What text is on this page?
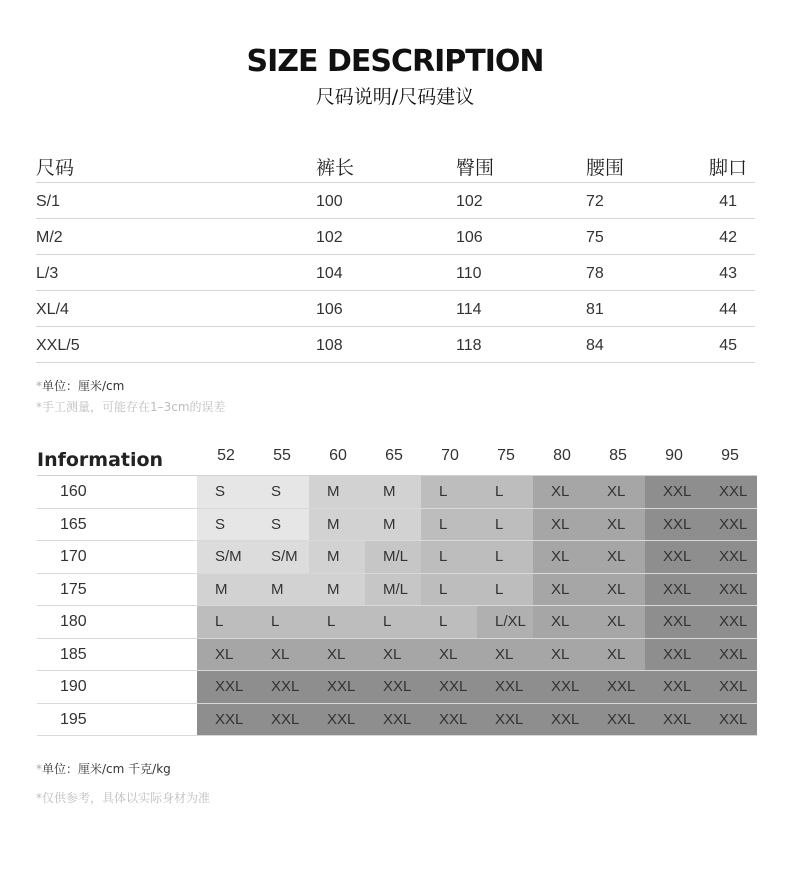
SIZE DESCRIPTION
尺码说明/尺码建议
尺码	裤长	臀围	腰围	脚口
S/1	100	102	72	41
M/2	102	106	75	42
L/3	104	110	78	43
XL/4	106	114	81	44
XXL/5	108	118	84	45
*单位：厘米/cm
*手工测量，可能存在1–3cm的误差
Information	52	55	60	65	70	75	80	85	90	95
160	S	S	M	M	L	L	XL	XL	XXL	XXL
165	S	S	M	M	L	L	XL	XL	XXL	XXL
170	S/M	S/M	M	M/L	L	L	XL	XL	XXL	XXL
175	M	M	M	M/L	L	L	XL	XL	XXL	XXL
180	L	L	L	L	L	L/XL	XL	XL	XXL	XXL
185	XL	XL	XL	XL	XL	XL	XL	XL	XXL	XXL
190	XXL	XXL	XXL	XXL	XXL	XXL	XXL	XXL	XXL	XXL
195	XXL	XXL	XXL	XXL	XXL	XXL	XXL	XXL	XXL	XXL
*单位：厘米/cm 千克/kg
*仅供参考，具体以实际身材为准
